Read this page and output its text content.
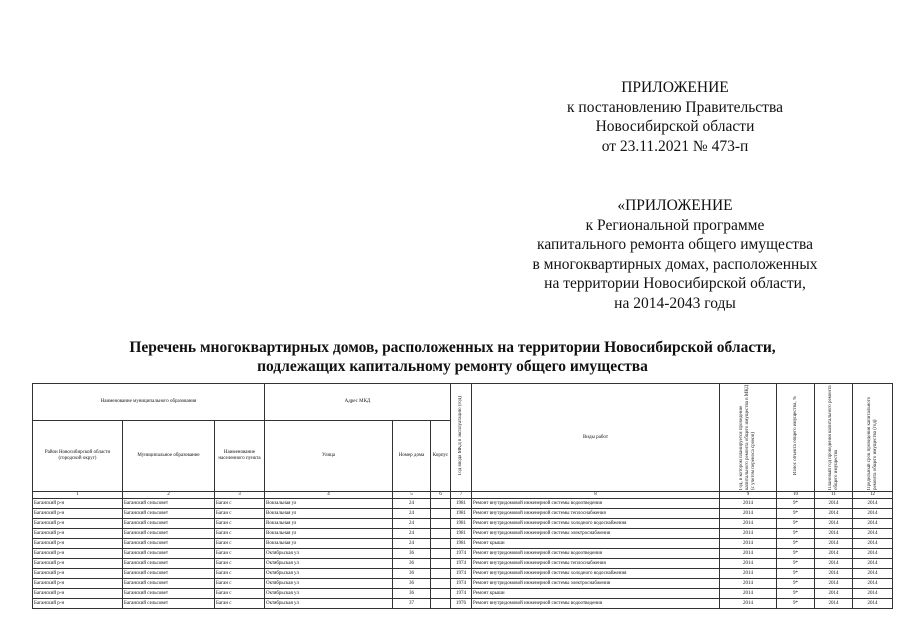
ПРИЛОЖЕНИЕ
к постановлению Правительства
Новосибирской области
от 23.11.2021 № 473-п
«ПРИЛОЖЕНИЕ
к Региональной программе
капитального ремонта общего имущества
в многоквартирных домах, расположенных
на территории Новосибирской области,
на 2014-2043 годы
Перечень многоквартирных домов, расположенных на территории Новосибирской области,
подлежащих капитальному ремонту общего имущества
Наименование муниципального образования			Адрес МКД			Год ввода МКД в эксплуатацию (год)	Виды работ	Год, в котором планируется проведение капитального ремонта общего имущества в МКД (с учетом переноса сроков)	Износ объекта общего имущества, %	Плановый год проведения капитального ремонта общего имущества	Предельный срок проведения капитального ремонта общего имущества (год)
Район Новосибирской области (городской округ)	Муниципальное образование	Наименование населенного пункта	Улица	Номер дома	Корпус						
1	2	3	4	5	6	7	8	9	10	11	12
Баганский р-н	Баганский сельсовет	Баган с	Вокзальная ул	24		1981	Ремонт внутридомовой инженерной системы водоотведения	2014	9*	2014	2014
Баганский р-н	Баганский сельсовет	Баган с	Вокзальная ул	24		1981	Ремонт внутридомовой инженерной системы теплоснабжения	2014	9*	2014	2014
Баганский р-н	Баганский сельсовет	Баган с	Вокзальная ул	24		1981	Ремонт внутридомовой инженерной системы холодного водоснабжения	2014	9*	2014	2014
Баганский р-н	Баганский сельсовет	Баган с	Вокзальная ул	24		1981	Ремонт внутридомовой инженерной системы электроснабжения	2014	9*	2014	2014
Баганский р-н	Баганский сельсовет	Баган с	Вокзальная ул	24		1981	Ремонт крыши	2014	9*	2014	2014
Баганский р-н	Баганский сельсовет	Баган с	Октябрьская ул	36		1974	Ремонт внутридомовой инженерной системы водоотведения	2014	9*	2014	2014
Баганский р-н	Баганский сельсовет	Баган с	Октябрьская ул	36		1974	Ремонт внутридомовой инженерной системы теплоснабжения	2014	9*	2014	2014
Баганский р-н	Баганский сельсовет	Баган с	Октябрьская ул	36		1974	Ремонт внутридомовой инженерной системы холодного водоснабжения	2014	9*	2014	2014
Баганский р-н	Баганский сельсовет	Баган с	Октябрьская ул	36		1974	Ремонт внутридомовой инженерной системы электроснабжения	2014	9*	2014	2014
Баганский р-н	Баганский сельсовет	Баган с	Октябрьская ул	36		1974	Ремонт крыши	2014	9*	2014	2014
Баганский р-н	Баганский сельсовет	Баган с	Октябрьская ул	37		1976	Ремонт внутридомовой инженерной системы водоотведения	2014	9*	2014	2014
